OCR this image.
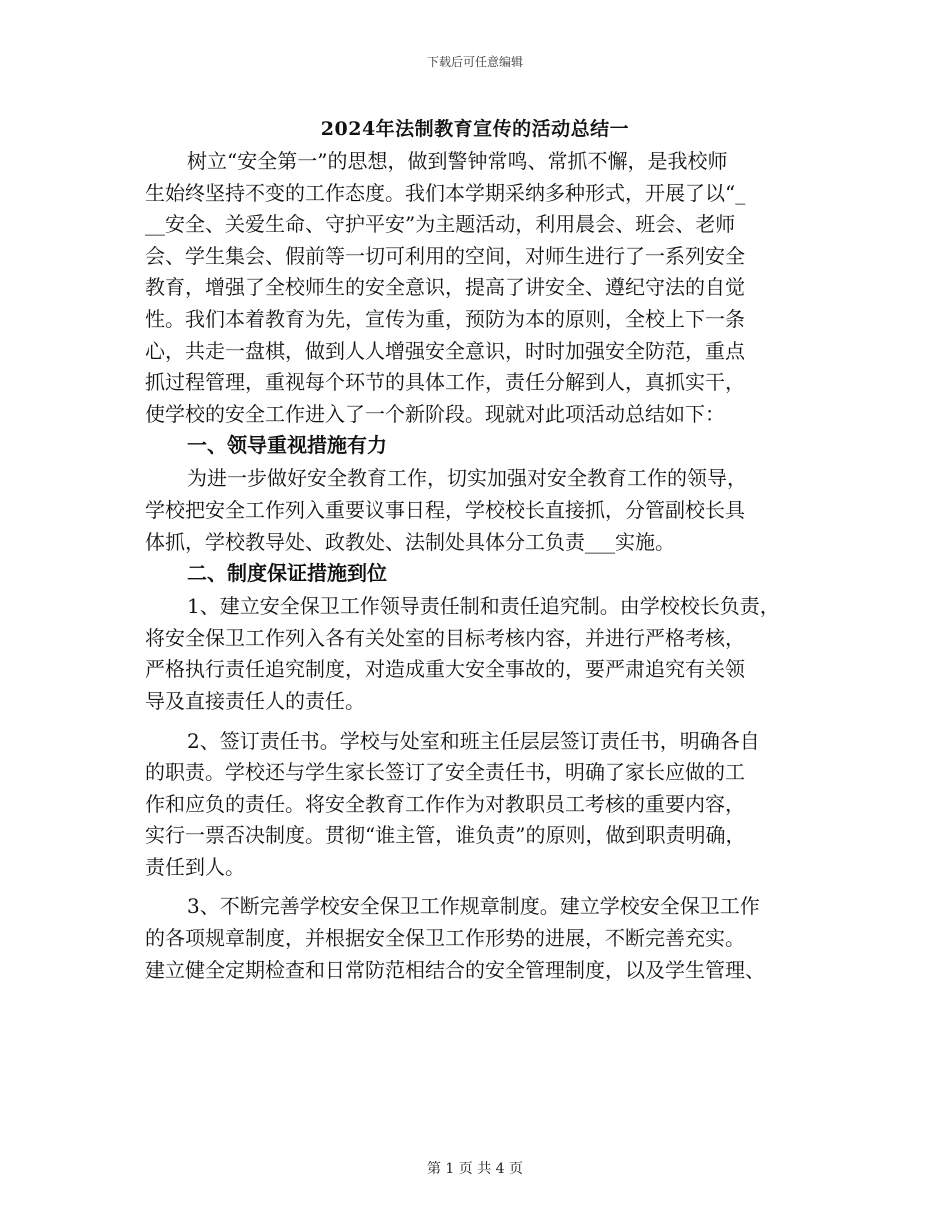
下载后可任意编辑
2024年法制教育宣传的活动总结一
树立“安全第一”的思想，做到警钟常鸣、常抓不懈，是我校师
生始终坚持不变的工作态度。我们本学期采纳多种形式，开展了以“_
__安全、关爱生命、守护平安”为主题活动，利用晨会、班会、老师
会、学生集会、假前等一切可利用的空间，对师生进行了一系列安全
教育，增强了全校师生的安全意识，提高了讲安全、遵纪守法的自觉
性。我们本着教育为先，宣传为重，预防为本的原则，全校上下一条
心，共走一盘棋，做到人人增强安全意识，时时加强安全防范，重点
抓过程管理，重视每个环节的具体工作，责任分解到人，真抓实干，
使学校的安全工作进入了一个新阶段。现就对此项活动总结如下：
一、领导重视措施有力
为进一步做好安全教育工作，切实加强对安全教育工作的领导，
学校把安全工作列入重要议事日程，学校校长直接抓，分管副校长具
体抓，学校教导处、政教处、法制处具体分工负责___实施。
二、制度保证措施到位
1、建立安全保卫工作领导责任制和责任追究制。由学校校长负责，
将安全保卫工作列入各有关处室的目标考核内容，并进行严格考核，
严格执行责任追究制度，对造成重大安全事故的，要严肃追究有关领
导及直接责任人的责任。
2、签订责任书。学校与处室和班主任层层签订责任书，明确各自
的职责。学校还与学生家长签订了安全责任书，明确了家长应做的工
作和应负的责任。将安全教育工作作为对教职员工考核的重要内容，
实行一票否决制度。贯彻“谁主管，谁负责”的原则，做到职责明确，
责任到人。
3、不断完善学校安全保卫工作规章制度。建立学校安全保卫工作
的各项规章制度，并根据安全保卫工作形势的进展，不断完善充实。
建立健全定期检查和日常防范相结合的安全管理制度，以及学生管理、
第 1 页 共 4 页
